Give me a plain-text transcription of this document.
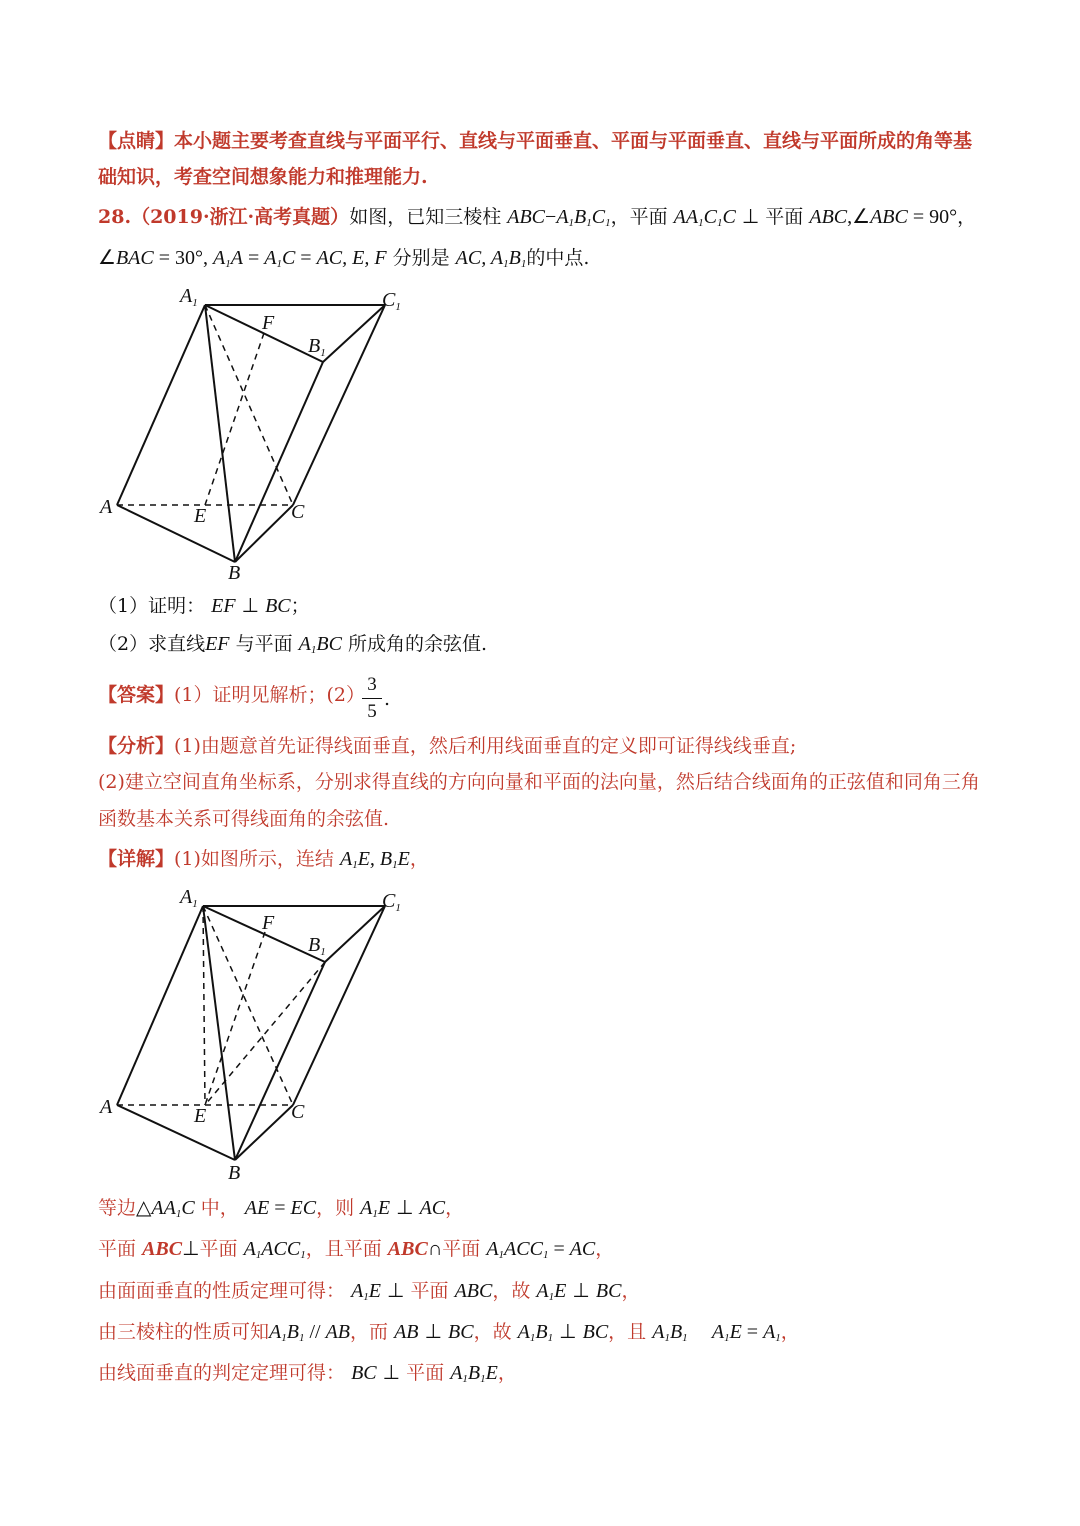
【点睛】本小题主要考查直线与平面平行、直线与平面垂直、平面与平面垂直、直线与平面所成的角等基
础知识，考查空间想象能力和推理能力.
28.（2019·浙江·高考真题）如图，已知三棱柱 $ABC-A_1B_1C_1$，平面 $AA_1C_1C$ ⊥ 平面 ABC,∠ABC = 90°，
∠BAC = 30°, $A_1A = A_1C$ = AC, E, F 分别是 AC, $A_1B_1$的中点.
$A_1$	$C_1$
F
$B_1$
A	E	C
B
（1）证明： EF ⊥ BC；
（2）求直线EF 与平面 $A_1BC$ 所成角的余弦值.
【答案】(1）证明见解析；(2）
$\frac{3}{5}$ .
【分析】(1)由题意首先证得线面垂直，然后利用线面垂直的定义即可证得线线垂直;
(2)建立空间直角坐标系，分别求得直线的方向向量和平面的法向量，然后结合线面角的正弦值和同角三角
函数基本关系可得线面角的余弦值.
【详解】(1)如图所示，连结 $A_1E$, $B_1E$，
$A_1$	$C_1$
F
$B_1$
A	E	C
B
等边$\triangle AA_1C$ 中， AE = EC，则 $A_1E$ ⊥ AC，
平面 ABC⊥平面 $A_1ACC_1$，且平面 ABC∩平面 $A_1ACC_1$ = AC，
由面面垂直的性质定理可得： $A_1E$ ⊥ 平面 ABC，故 $A_1E$ ⊥ BC，
由三棱柱的性质可知$A_1B_1$ // AB，而 AB ⊥ BC，故 $A_1B_1$ ⊥ BC，且 $A_1B_1$ $A_1E = A_1$，
由线面垂直的判定定理可得： BC ⊥ 平面 $A_1B_1E$，
